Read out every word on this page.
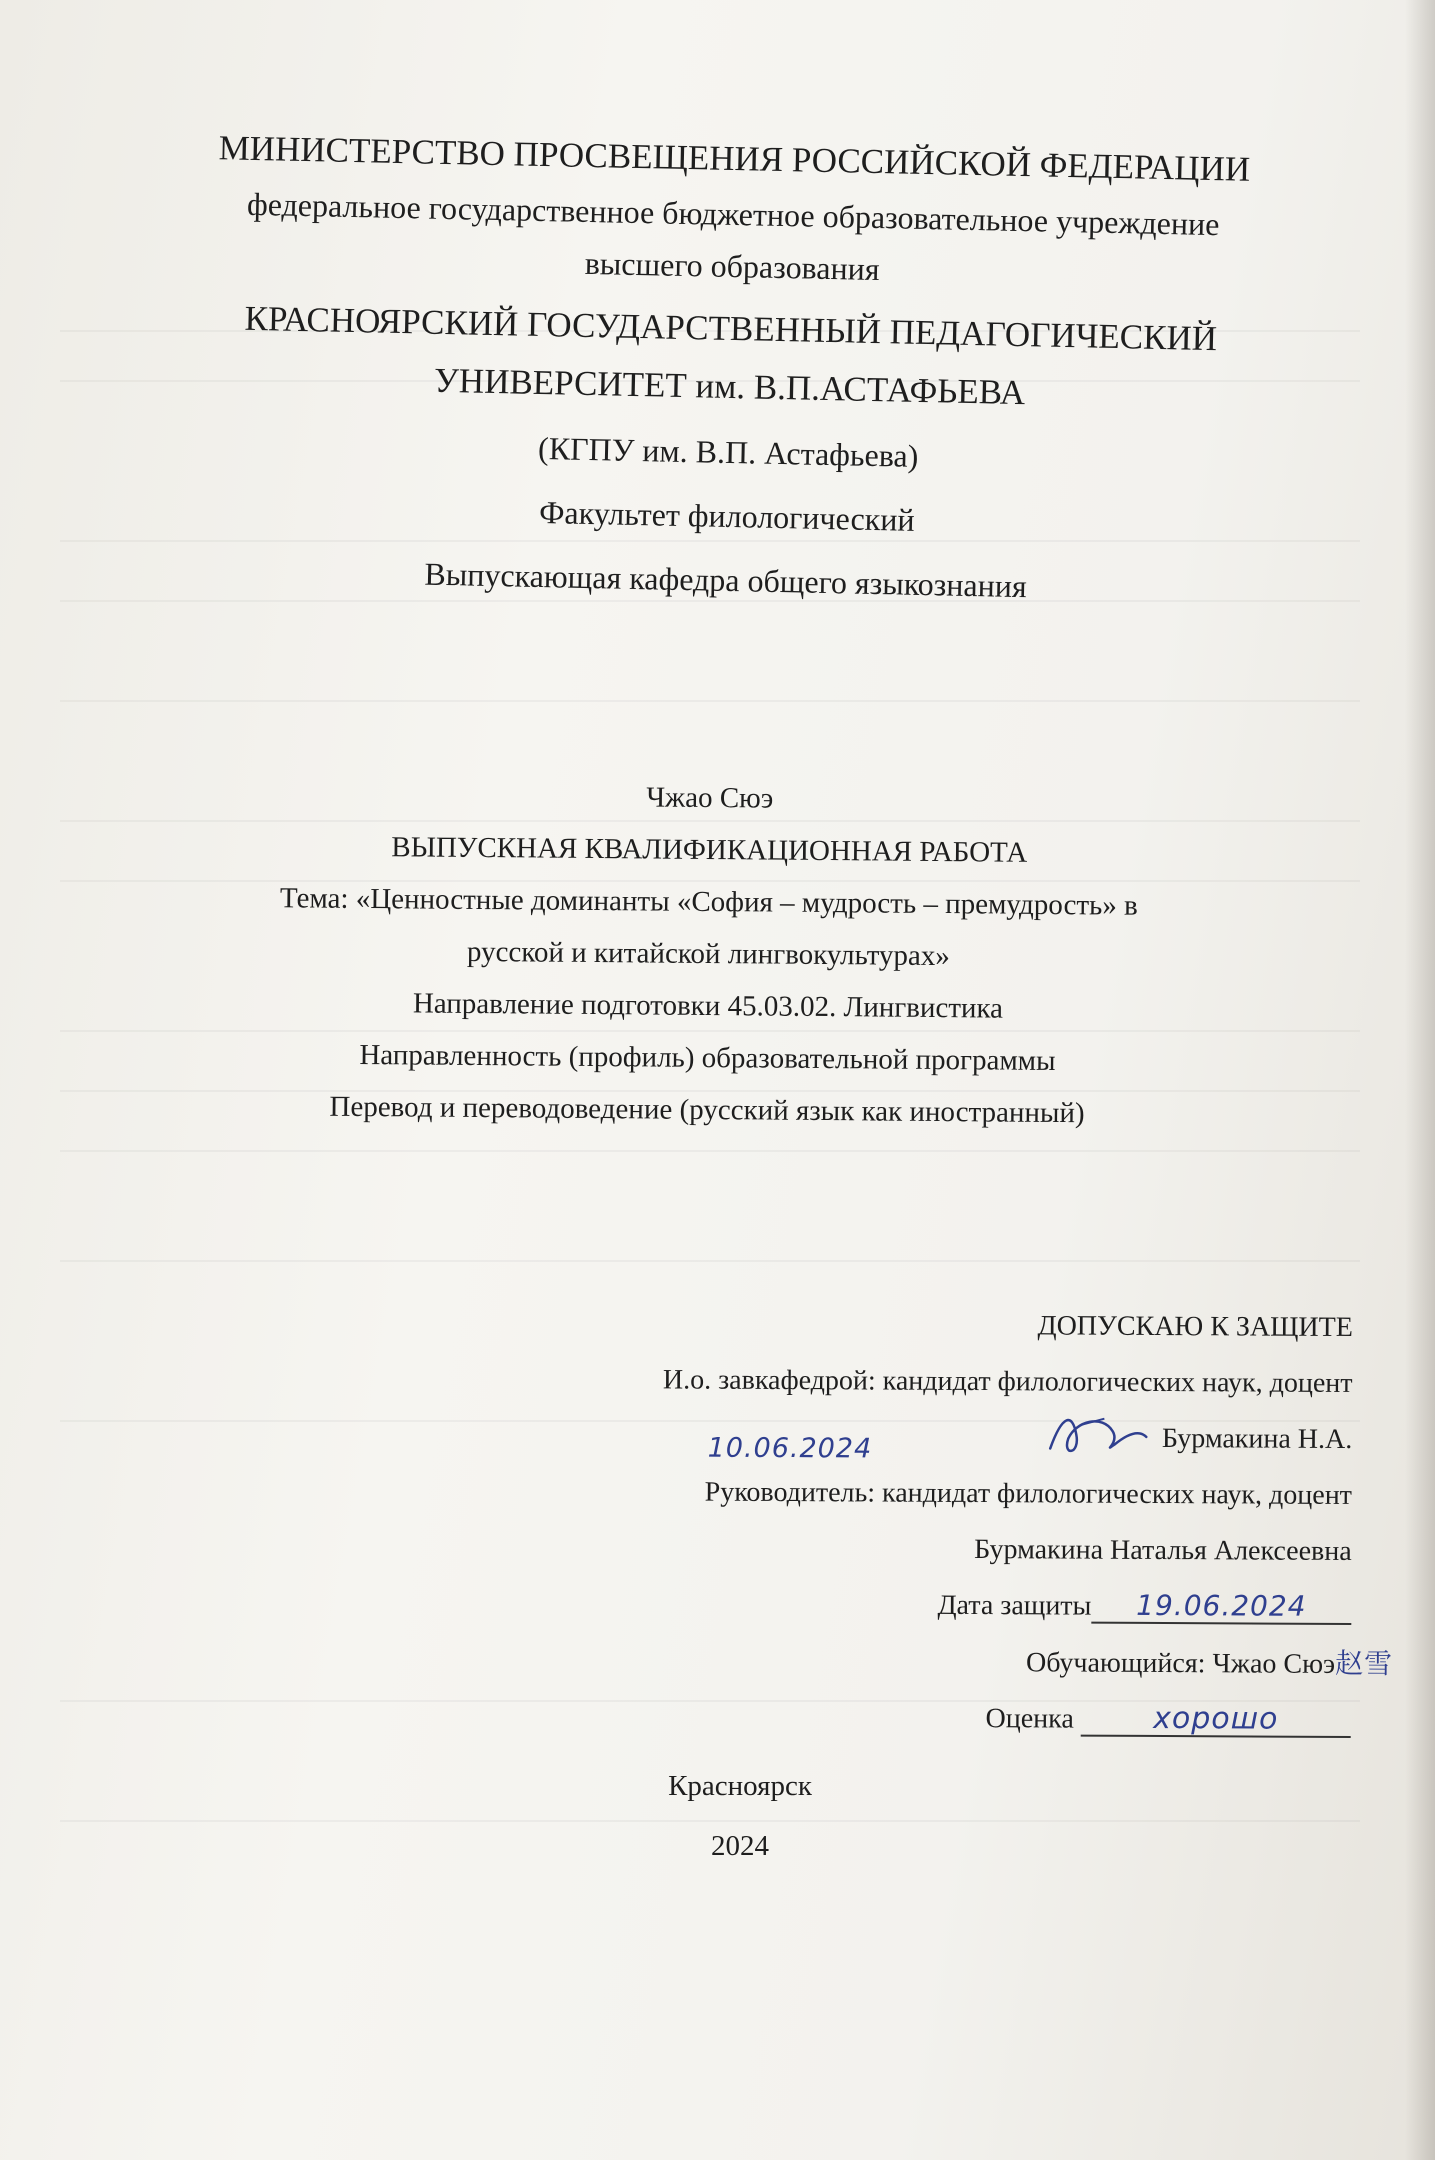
МИНИСТЕРСТВО ПРОСВЕЩЕНИЯ РОССИЙСКОЙ ФЕДЕРАЦИИ
федеральное государственное бюджетное образовательное учреждение
высшего образования
КРАСНОЯРСКИЙ ГОСУДАРСТВЕННЫЙ ПЕДАГОГИЧЕСКИЙ
УНИВЕРСИТЕТ им. В.П.АСТАФЬЕВА
(КГПУ им. В.П. Астафьева)
Факультет филологический
Выпускающая кафедра общего языкознания
Чжао Сюэ
ВЫПУСКНАЯ КВАЛИФИКАЦИОННАЯ РАБОТА
Тема: «Ценностные доминанты «София – мудрость – премудрость» в
русской и китайской лингвокультурах»
Направление подготовки 45.03.02. Лингвистика
Направленность (профиль) образовательной программы
Перевод и переводоведение (русский язык как иностранный)
ДОПУСКАЮ К ЗАЩИТЕ
И.о. завкафедрой: кандидат филологических наук, доцент
10.06.2024	Бурмакина Н.А.
Руководитель: кандидат филологических наук, доцент
Бурмакина Наталья Алексеевна
Дата защиты 19.06.2024
Обучающийся: Чжао Сюэ赵雪
Оценка	хорошо
Красноярск
2024
